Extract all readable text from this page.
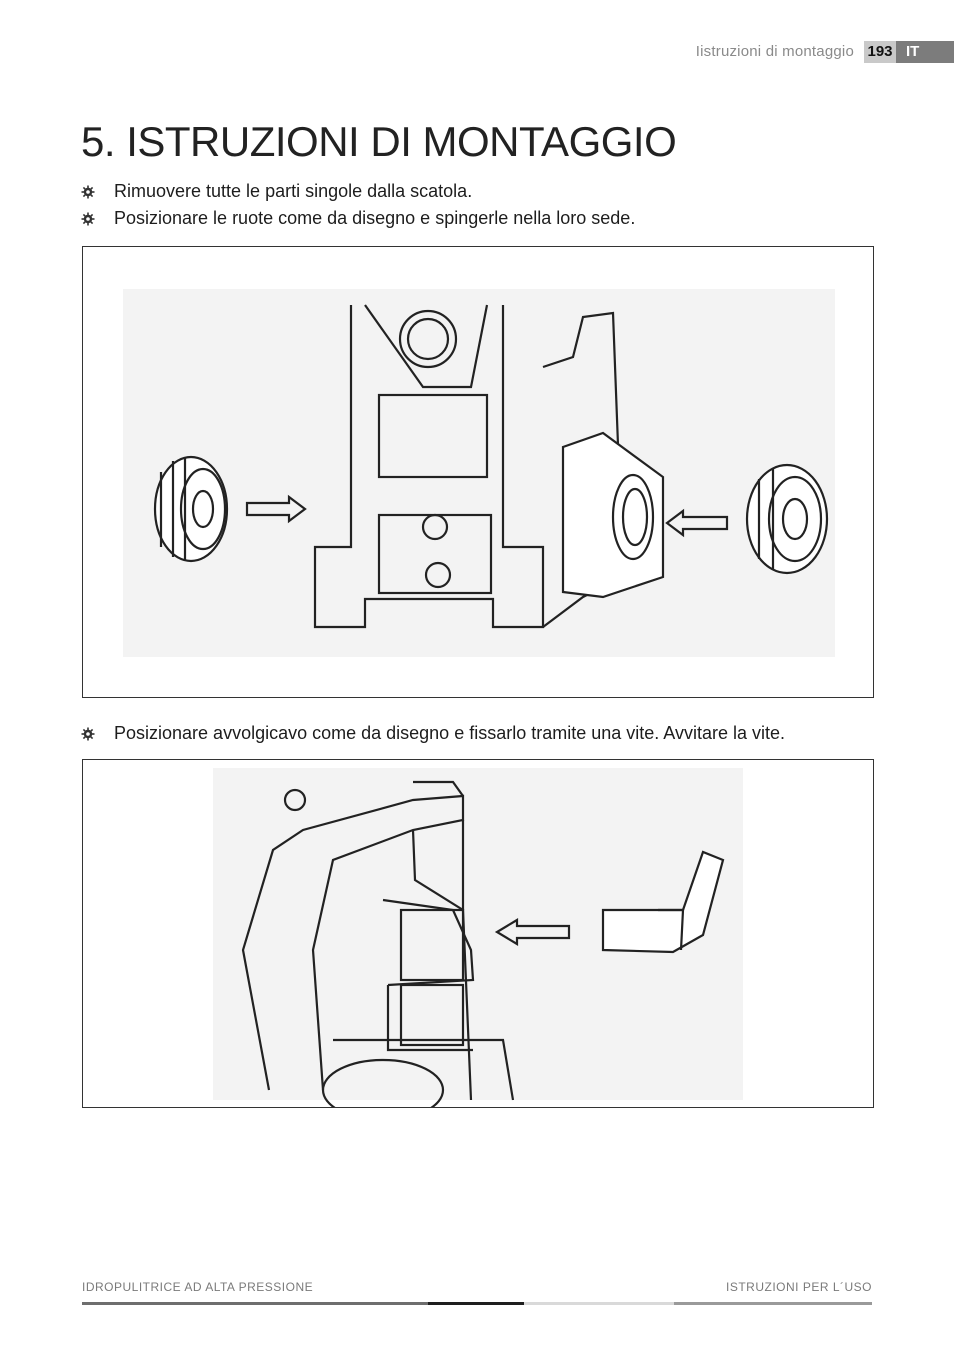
Iistruzioni di montaggio 193 IT
5. ISTRUZIONI DI MONTAGGIO
Rimuovere tutte le parti singole dalla scatola.
Posizionare le ruote come da disegno e spingerle nella loro sede.
Posizionare avvolgicavo come da disegno e fissarlo tramite una vite. Avvitare la vite.
IDROPULITRICE AD ALTA PRESSIONE	ISTRUZIONI PER L´USO
